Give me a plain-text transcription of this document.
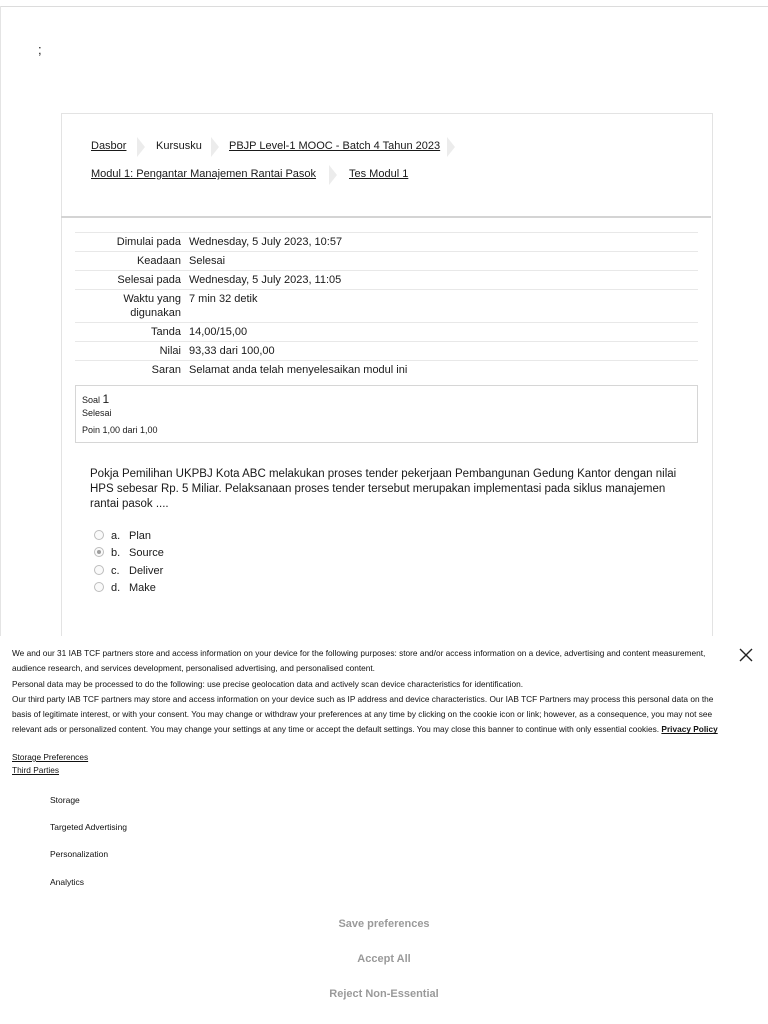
;
Dasbor	Kursusku PBJP Level-1 MOOC - Batch 4 Tahun 2023
Modul 1: Pengantar Manajemen Rantai Pasok	Tes Modul 1
Dimulai pada	Wednesday, 5 July 2023, 10:57
Keadaan	Selesai
Selesai pada	Wednesday, 5 July 2023, 11:05
Waktu yang digunakan	7 min 32 detik
Tanda	14,00/15,00
Nilai	93,33 dari 100,00
Saran	Selamat anda telah menyelesaikan modul ini
Soal 1
Selesai
Poin 1,00 dari 1,00
Pokja Pemilihan UKPBJ Kota ABC melakukan proses tender pekerjaan Pembangunan Gedung Kantor dengan nilai HPS sebesar Rp. 5 Miliar. Pelaksanaan proses tender tersebut merupakan implementasi pada siklus manajemen rantai pasok ....
a. Plan
b. Source
c. Deliver
d. Make
We and our 31 IAB TCF partners store and access information on your device for the following purposes: store and/or access information on a device, advertising and content measurement, audience research, and services development, personalised advertising, and personalised content.
Personal data may be processed to do the following: use precise geolocation data and actively scan device characteristics for identification.
Our third party IAB TCF partners may store and access information on your device such as IP address and device characteristics. Our IAB TCF Partners may process this personal data on the basis of legitimate interest, or with your consent. You may change or withdraw your preferences at any time by clicking on the cookie icon or link; however, as a consequence, you may not see relevant ads or personalized content. You may change your settings at any time or accept the default settings. You may close this banner to continue with only essential cookies. Privacy Policy
Storage Preferences
Third Parties
Storage
Targeted Advertising
Personalization
Analytics
Save preferences
Accept All
Reject Non-Essential
